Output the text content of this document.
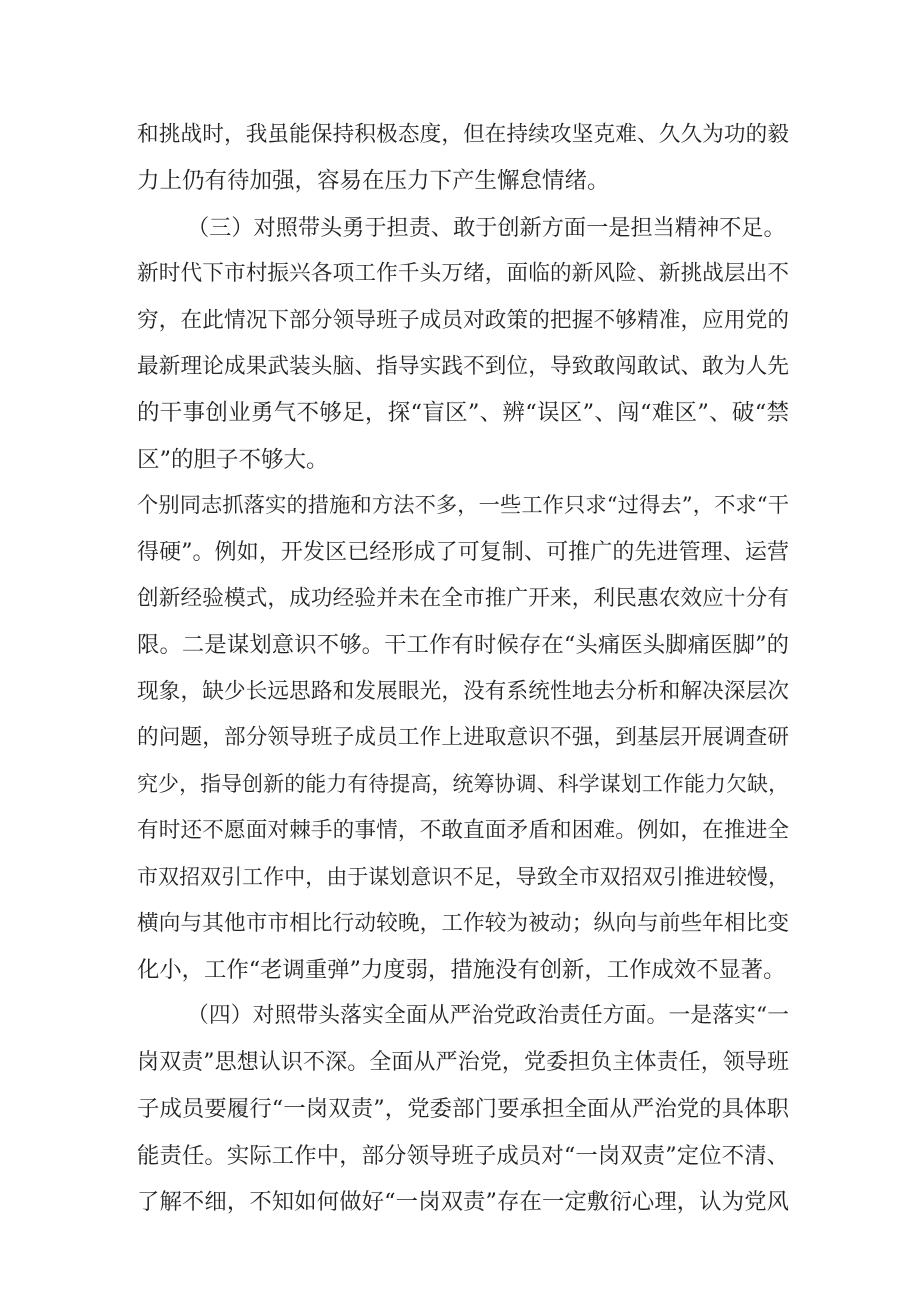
和挑战时，我虽能保持积极态度，但在持续攻坚克难、久久为功的毅
力上仍有待加强，容易在压力下产生懈怠情绪。
（三）对照带头勇于担责、敢于创新方面一是担当精神不足。
新时代下市村振兴各项工作千头万绪，面临的新风险、新挑战层出不
穷，在此情况下部分领导班子成员对政策的把握不够精准，应用党的
最新理论成果武装头脑、指导实践不到位，导致敢闯敢试、敢为人先
的干事创业勇气不够足，探“盲区”、辨“误区”、闯“难区”、破“禁
区”的胆子不够大。
个别同志抓落实的措施和方法不多，一些工作只求“过得去”，不求“干
得硬”。例如，开发区已经形成了可复制、可推广的先进管理、运营
创新经验模式，成功经验并未在全市推广开来，利民惠农效应十分有
限。二是谋划意识不够。干工作有时候存在“头痛医头脚痛医脚”的
现象，缺少长远思路和发展眼光，没有系统性地去分析和解决深层次
的问题，部分领导班子成员工作上进取意识不强，到基层开展调查研
究少，指导创新的能力有待提高，统筹协调、科学谋划工作能力欠缺，
有时还不愿面对棘手的事情，不敢直面矛盾和困难。例如，在推进全
市双招双引工作中，由于谋划意识不足，导致全市双招双引推进较慢，
横向与其他市市相比行动较晚，工作较为被动；纵向与前些年相比变
化小，工作“老调重弹”力度弱，措施没有创新，工作成效不显著。
（四）对照带头落实全面从严治党政治责任方面。一是落实“一
岗双责”思想认识不深。全面从严治党，党委担负主体责任，领导班
子成员要履行“一岗双责”，党委部门要承担全面从严治党的具体职
能责任。实际工作中，部分领导班子成员对“一岗双责”定位不清、
了解不细，不知如何做好“一岗双责”存在一定敷衍心理，认为党风
